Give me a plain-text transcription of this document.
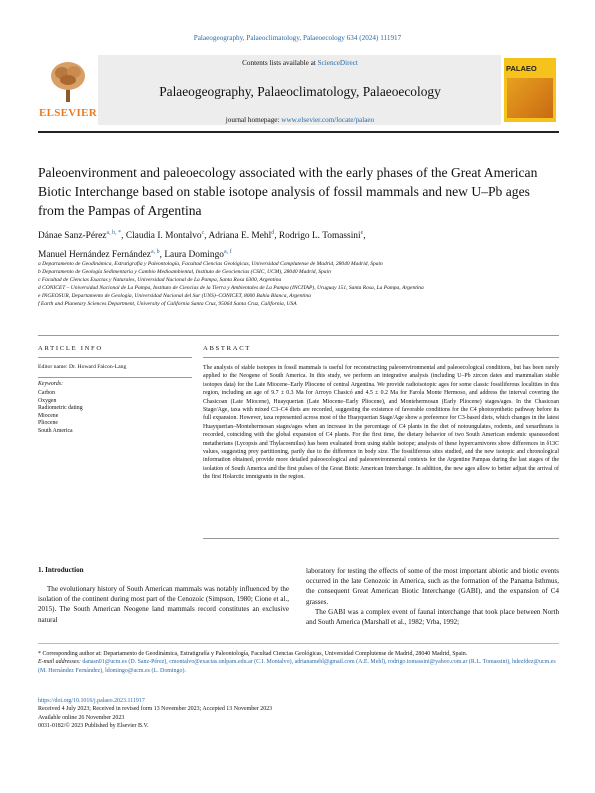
Palaeogeography, Palaeoclimatology, Palaeoecology 634 (2024) 111917
ELSEVIER
Contents lists available at ScienceDirect
Palaeogeography, Palaeoclimatology, Palaeoecology
journal homepage: www.elsevier.com/locate/palaeo
PALAEO
Paleoenvironment and paleoecology associated with the early phases of the Great American Biotic Interchange based on stable isotope analysis of fossil mammals and new U–Pb ages from the Pampas of Argentina
Dánae Sanz-Pérez$^{a, b, *}$, Claudia I. Montalvo$^c$, Adriana E. Mehl$^d$, Rodrigo L. Tomassini$^e$,
Manuel Hernández Fernández$^{a, b}$, Laura Domingo$^{a, f}$

a Departamento de Geodinámica, Estratigrafía y Paleontología, Facultad Ciencias Geológicas, Universidad Complutense de Madrid, 28040 Madrid, Spain

b Departamento de Geología Sedimentaria y Cambio Medioambiental, Instituto de Geociencias (CSIC, UCM), 28040 Madrid, Spain

c Facultad de Ciencias Exactas y Naturales, Universidad Nacional de La Pampa, Santa Rosa 6300, Argentina

d CONICET – Universidad Nacional de La Pampa, Instituto de Ciencias de la Tierra y Ambientales de La Pampa (INCITAP), Uruguay 151, Santa Rosa, La Pampa, Argentina

e INGEOSUR, Departamento de Geología, Universidad Nacional del Sur (UNS)–CONICET, 8000 Bahía Blanca, Argentina

f Earth and Planetary Sciences Department, University of California Santa Cruz, 95064 Santa Cruz, California, USA

ARTICLE INFO	ABSTRACT
Editor name: Dr. Howard Falcon-Lang
Keywords:
Carbon
Oxygen
Radiometric dating
Miocene
Pliocene
South America
The analysis of stable isotopes in fossil mammals is useful for reconstructing paleoenvironmental and paleoecological conditions, but has been rarely applied to the Neogene of South America. In this study, we perform an integrative analysis (including U–Pb zircon dates and mammalian stable isotopes data) for the Late Miocene–Early Pliocene of central Argentina. We provide radioisotopic ages for some classic fossiliferous localities in this region, including an age of 9.7 ± 0.3 Ma for Arroyo Chasicó and 4.5 ± 0.2 Ma for Farola Monte Hermoso, and address the interval covering the Chasicoan (Late Miocene), Huayquerian (Late Miocene–Early Pliocene), and Montehermosan (Early Pliocene) stages/ages. In the Chasicoan Stage/Age, taxa with mixed C3–C4 diets are recorded, suggesting the existence of favorable conditions for the C4 photosynthetic pathway before its full expansion. However, taxa represented across most of the Huayquerian Stage/Age show a preference for C3-based diets, which changes in the latest Huayquerian–Montehermosan stages/ages when an increase in the percentage of C4 plants in the diet of notoungulates, rodents, and xenarthrans is recorded, coinciding with the global expansion of C4 plants. For the first time, the dietary behavior of two South American endemic sparassodont metatherians (Lycopsis and Thylacosmilus) has been evaluated from using stable isotope; analysis of these hypercarnivores show differences in δ13C values, suggesting prey partitioning, partly due to the difference in body size. The fossiliferous sites studied, and the new isotopic and chronological information obtained, provide more detailed paleoecological and paleoenvironmental contexts for the Argentine Pampas during the last stages of the isolation of South America and the first pulses of the Great Biotic American Interchange. In addition, the new ages allow to better adjust the arrival of the first Holarctic immigrants in the region.
1. Introduction

The evolutionary history of South American mammals was notably influenced by the isolation of the continent during most part of the Cenozoic (Simpson, 1980; Cione et al., 2015). The South American Neogene land mammals record constitutes an exclusive natural

laboratory for testing the effects of some of the most important abiotic and biotic events occurred in the late Cenozoic in America, such as the formation of the Panama Isthmus, the consequent Great American Biotic Interchange (GABI), and the expansion of C4 grasses.

The GABI was a complex event of faunal interchange that took place between North and South America (Marshall et al., 1982; Vrba, 1992;

* Corresponding author at: Departamento de Geodinámica, Estratigrafía y Paleontología, Facultad Ciencias Geológicas, Universidad Complutense de Madrid, 28040 Madrid, Spain.

E-mail addresses: danasn01@ucm.es (D. Sanz-Pérez), cmontalvo@exactas.unlpam.edu.ar (C.I. Montalvo), adrianamehl@gmail.com (A.E. Mehl), rodrigo.tomassini@yahoo.com.ar (R.L. Tomassini), hdezfdez@ucm.es (M. Hernández Fernández), ldomingo@ucm.es (L. Domingo).

https://doi.org/10.1016/j.palaeo.2023.111917

Received 4 July 2023; Received in revised form 13 November 2023; Accepted 13 November 2023

Available online 26 November 2023

0031-0182/© 2023 Published by Elsevier B.V.
